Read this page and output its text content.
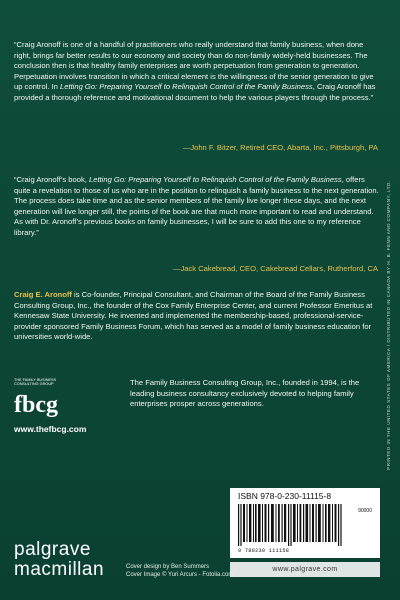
“Craig Aronoff is one of a handful of practitioners who really understand that family business, when done right, brings far better results to our economy and society than do non-family widely-held businesses. The conclusion then is that healthy family enterprises are worth perpetuation from generation to generation. Perpetuation involves transition in which a critical element is the willingness of the senior generation to give up control. In Letting Go: Preparing Yourself to Relinquish Control of the Family Business, Craig Aronoff has provided a thorough reference and motivational document to help the various players through the process.”
—John F. Bitzer, Retired CEO, Abarta, Inc., Pittsburgh, PA
“Craig Aronoff’s book, Letting Go: Preparing Yourself to Relinquish Control of the Family Business, offers quite a revelation to those of us who are in the position to relinquish a family business to the next generation. The process does take time and as the senior members of the family live longer these days, and the next generation will live longer still, the points of the book are that much more important to read and understand. As with Dr. Aronoff’s previous books on family businesses, I will be sure to add this one to my reference library.”
—Jack Cakebread, CEO, Cakebread Cellars, Rutherford, CA
Craig E. Aronoff is Co-founder, Principal Consultant, and Chairman of the Board of the Family Business Consulting Group, Inc., the founder of the Cox Family Enterprise Center, and current Professor Emeritus at Kennesaw State University. He invented and implemented the membership-based, professional-service-provider sponsored Family Business Forum, which has served as a model of family business education for universities world-wide.
THE FAMILY BUSINESS CONSULTING GROUP
fbcg
The Family Business Consulting Group, Inc., founded in 1994, is the leading business consultancy exclusively devoted to helping family enterprises prosper across generations.
www.thefbcg.com
ISBN 978-0-230-11115-8
90000
9 780230 111158
www.palgrave.com
PRINTED IN THE UNITED STATES OF AMERICA / DISTRIBUTED IN CANADA BY H. B. FENN AND COMPANY, LTD.
palgrave
macmillan	Cover design by Ben Summers
Cover Image © Yuri Arcurs - Fotolia.com
